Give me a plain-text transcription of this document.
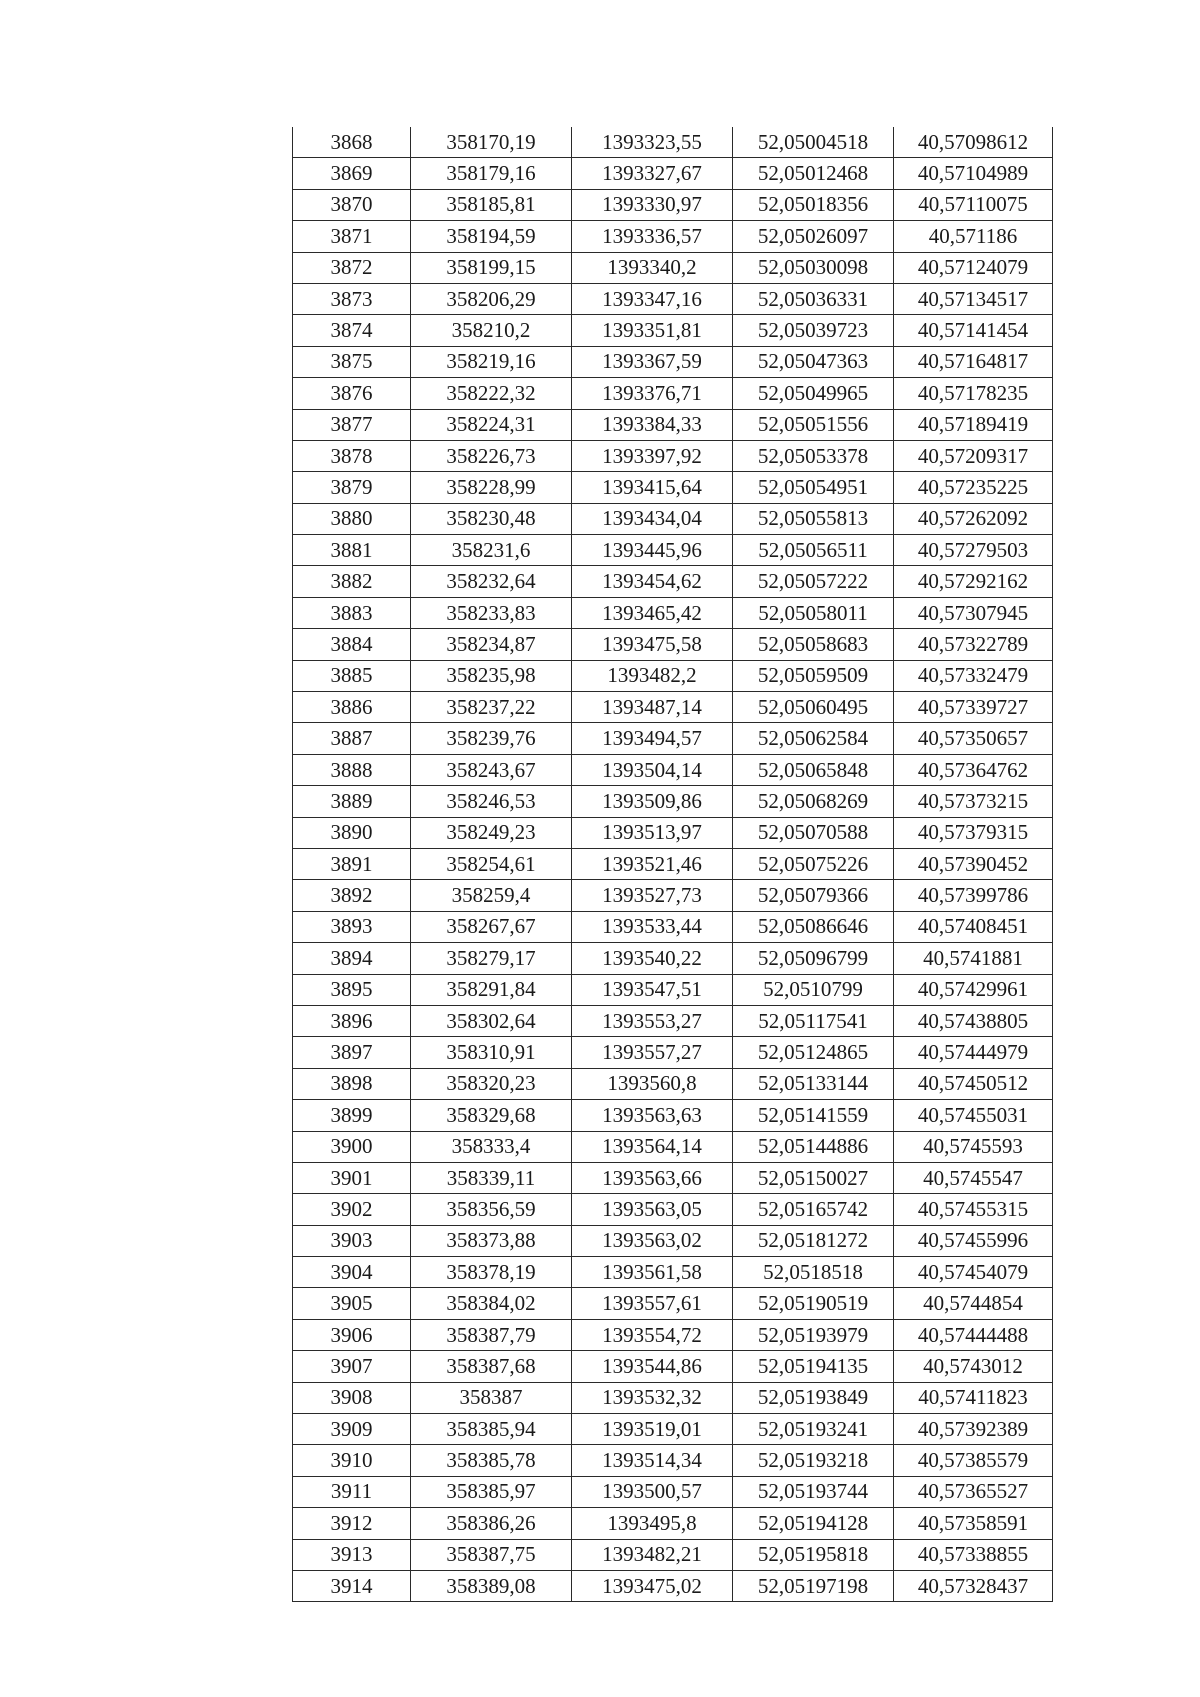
3868	358170,19	1393323,55	52,05004518	40,57098612
3869	358179,16	1393327,67	52,05012468	40,57104989
3870	358185,81	1393330,97	52,05018356	40,57110075
3871	358194,59	1393336,57	52,05026097	40,571186
3872	358199,15	1393340,2	52,05030098	40,57124079
3873	358206,29	1393347,16	52,05036331	40,57134517
3874	358210,2	1393351,81	52,05039723	40,57141454
3875	358219,16	1393367,59	52,05047363	40,57164817
3876	358222,32	1393376,71	52,05049965	40,57178235
3877	358224,31	1393384,33	52,05051556	40,57189419
3878	358226,73	1393397,92	52,05053378	40,57209317
3879	358228,99	1393415,64	52,05054951	40,57235225
3880	358230,48	1393434,04	52,05055813	40,57262092
3881	358231,6	1393445,96	52,05056511	40,57279503
3882	358232,64	1393454,62	52,05057222	40,57292162
3883	358233,83	1393465,42	52,05058011	40,57307945
3884	358234,87	1393475,58	52,05058683	40,57322789
3885	358235,98	1393482,2	52,05059509	40,57332479
3886	358237,22	1393487,14	52,05060495	40,57339727
3887	358239,76	1393494,57	52,05062584	40,57350657
3888	358243,67	1393504,14	52,05065848	40,57364762
3889	358246,53	1393509,86	52,05068269	40,57373215
3890	358249,23	1393513,97	52,05070588	40,57379315
3891	358254,61	1393521,46	52,05075226	40,57390452
3892	358259,4	1393527,73	52,05079366	40,57399786
3893	358267,67	1393533,44	52,05086646	40,57408451
3894	358279,17	1393540,22	52,05096799	40,5741881
3895	358291,84	1393547,51	52,0510799	40,57429961
3896	358302,64	1393553,27	52,05117541	40,57438805
3897	358310,91	1393557,27	52,05124865	40,57444979
3898	358320,23	1393560,8	52,05133144	40,57450512
3899	358329,68	1393563,63	52,05141559	40,57455031
3900	358333,4	1393564,14	52,05144886	40,5745593
3901	358339,11	1393563,66	52,05150027	40,5745547
3902	358356,59	1393563,05	52,05165742	40,57455315
3903	358373,88	1393563,02	52,05181272	40,57455996
3904	358378,19	1393561,58	52,0518518	40,57454079
3905	358384,02	1393557,61	52,05190519	40,5744854
3906	358387,79	1393554,72	52,05193979	40,57444488
3907	358387,68	1393544,86	52,05194135	40,5743012
3908	358387	1393532,32	52,05193849	40,57411823
3909	358385,94	1393519,01	52,05193241	40,57392389
3910	358385,78	1393514,34	52,05193218	40,57385579
3911	358385,97	1393500,57	52,05193744	40,57365527
3912	358386,26	1393495,8	52,05194128	40,57358591
3913	358387,75	1393482,21	52,05195818	40,57338855
3914	358389,08	1393475,02	52,05197198	40,57328437
